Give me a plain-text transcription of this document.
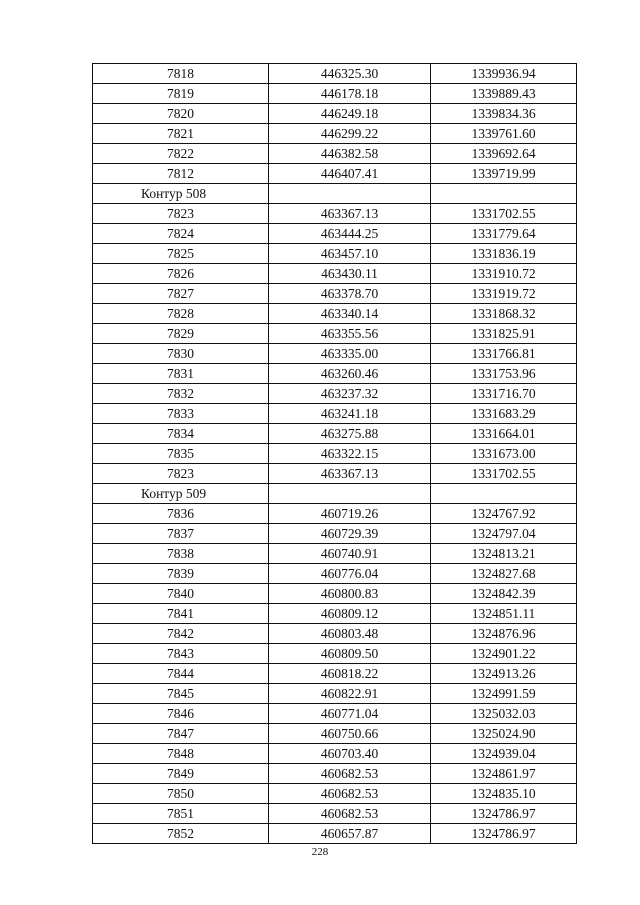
7818	446325.30	1339936.94
7819	446178.18	1339889.43
7820	446249.18	1339834.36
7821	446299.22	1339761.60
7822	446382.58	1339692.64
7812	446407.41	1339719.99
Контур 508		
7823	463367.13	1331702.55
7824	463444.25	1331779.64
7825	463457.10	1331836.19
7826	463430.11	1331910.72
7827	463378.70	1331919.72
7828	463340.14	1331868.32
7829	463355.56	1331825.91
7830	463335.00	1331766.81
7831	463260.46	1331753.96
7832	463237.32	1331716.70
7833	463241.18	1331683.29
7834	463275.88	1331664.01
7835	463322.15	1331673.00
7823	463367.13	1331702.55
Контур 509		
7836	460719.26	1324767.92
7837	460729.39	1324797.04
7838	460740.91	1324813.21
7839	460776.04	1324827.68
7840	460800.83	1324842.39
7841	460809.12	1324851.11
7842	460803.48	1324876.96
7843	460809.50	1324901.22
7844	460818.22	1324913.26
7845	460822.91	1324991.59
7846	460771.04	1325032.03
7847	460750.66	1325024.90
7848	460703.40	1324939.04
7849	460682.53	1324861.97
7850	460682.53	1324835.10
7851	460682.53	1324786.97
7852	460657.87	1324786.97
228
